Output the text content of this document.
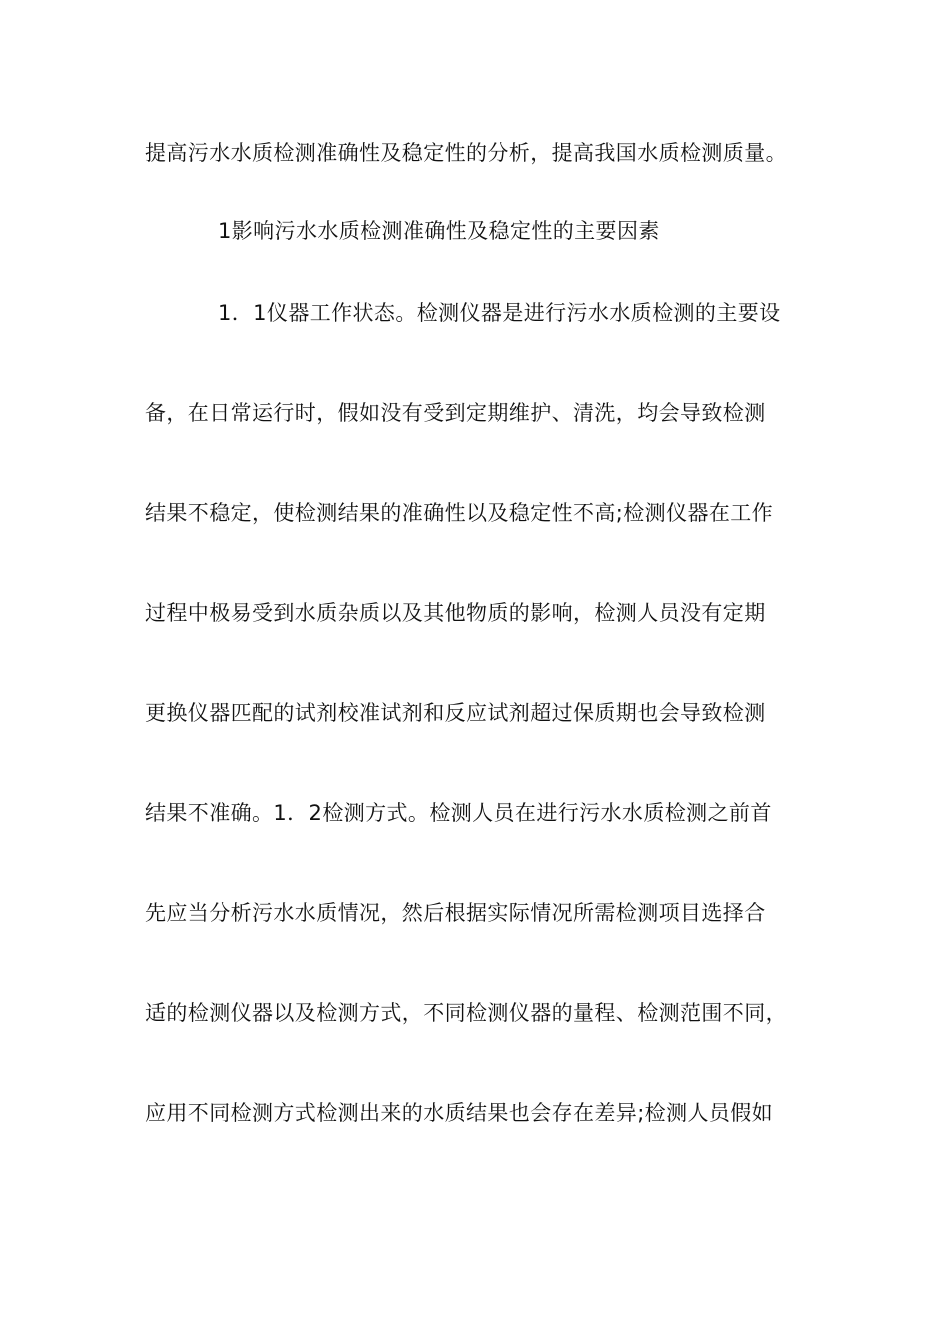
提高污水水质检测准确性及稳定性的分析，提高我国水质检测质量。
1影响污水水质检测准确性及稳定性的主要因素
1．1仪器工作状态。检测仪器是进行污水水质检测的主要设
备，在日常运行时，假如没有受到定期维护、清洗，均会导致检测
结果不稳定，使检测结果的准确性以及稳定性不高;检测仪器在工作
过程中极易受到水质杂质以及其他物质的影响，检测人员没有定期
更换仪器匹配的试剂校准试剂和反应试剂超过保质期也会导致检测
结果不准确。1．2检测方式。检测人员在进行污水水质检测之前首
先应当分析污水水质情况，然后根据实际情况所需检测项目选择合
适的检测仪器以及检测方式，不同检测仪器的量程、检测范围不同，
应用不同检测方式检测出来的水质结果也会存在差异;检测人员假如
